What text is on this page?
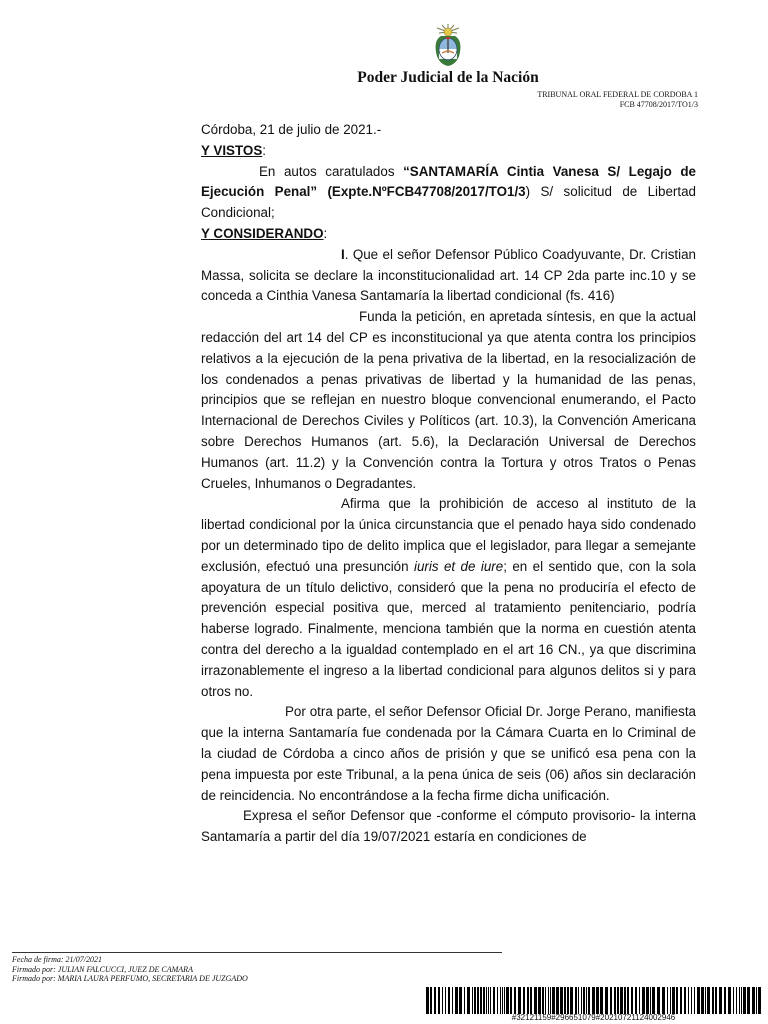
Poder Judicial de la Nación
TRIBUNAL ORAL FEDERAL DE CORDOBA 1
FCB 47708/2017/TO1/3

Córdoba, 21 de julio de 2021.-

Y VISTOS:

En autos caratulados “SANTAMARÍA Cintia Vanesa S/ Legajo de Ejecución Penal” (Expte.NºFCB47708/2017/TO1/3) S/ solicitud de Libertad Condicional;

Y CONSIDERANDO:

I. Que el señor Defensor Público Coadyuvante, Dr. Cristian Massa, solicita se declare la inconstitucionalidad art. 14 CP 2da parte inc.10 y se conceda a Cinthia Vanesa Santamaría la libertad condicional (fs. 416)

Funda la petición, en apretada síntesis, en que la actual redacción del art 14 del CP es inconstitucional ya que atenta contra los principios relativos a la ejecución de la pena privativa de la libertad, en la resocialización de los condenados a penas privativas de libertad y la humanidad de las penas, principios que se reflejan en nuestro bloque convencional enumerando, el Pacto Internacional de Derechos Civiles y Políticos (art. 10.3), la Convención Americana sobre Derechos Humanos (art. 5.6), la Declaración Universal de Derechos Humanos (art. 11.2) y la Convención contra la Tortura y otros Tratos o Penas Crueles, Inhumanos o Degradantes.

Afirma que la prohibición de acceso al instituto de la libertad condicional por la única circunstancia que el penado haya sido condenado por un determinado tipo de delito implica que el legislador, para llegar a semejante exclusión, efectuó una presunción iuris et de iure; en el sentido que, con la sola apoyatura de un título delictivo, consideró que la pena no produciría el efecto de prevención especial positiva que, merced al tratamiento penitenciario, podría haberse logrado. Finalmente, menciona también que la norma en cuestión atenta contra del derecho a la igualdad contemplado en el art 16 CN., ya que discrimina irrazonablemente el ingreso a la libertad condicional para algunos delitos si y para otros no.

Por otra parte, el señor Defensor Oficial Dr. Jorge Perano, manifiesta que la interna Santamaría fue condenada por la Cámara Cuarta en lo Criminal de la ciudad de Córdoba a cinco años de prisión y que se unificó esa pena con la pena impuesta por este Tribunal, a la pena única de seis (06) años sin declaración de reincidencia. No encontrándose a la fecha firme dicha unificación.

Expresa el señor Defensor que -conforme el cómputo provisorio- la interna Santamaría a partir del día 19/07/2021 estaría en condiciones de

Fecha de firma: 21/07/2021
Firmado por: JULIAN FALCUCCI, JUEZ DE CAMARA
Firmado por: MARIA LAURA PERFUMO, SECRETARIA DE JUZGADO
#32121159#296651079#20210721124002946
